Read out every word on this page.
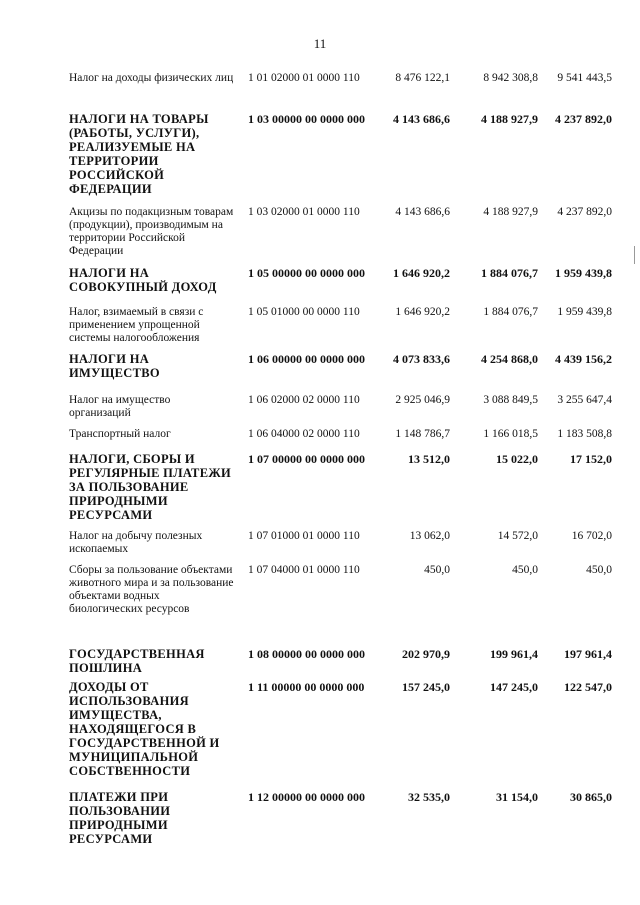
11
Налог на доходы физических лиц 1 01 02000 01 0000 110	8 476 122,1	8 942 308,8	9 541 443,5
НАЛОГИ НА ТОВАРЫ (РАБОТЫ, УСЛУГИ), РЕАЛИЗУЕМЫЕ НА ТЕРРИТОРИИ РОССИЙСКОЙ ФЕДЕРАЦИИ
1 03 00000 00 0000 000	4 143 686,6	4 188 927,9	4 237 892,0
Акцизы по подакцизным товарам (продукции), производимым на территории Российской Федерации
1 03 02000 01 0000 110	4 143 686,6	4 188 927,9	4 237 892,0
НАЛОГИ НА СОВОКУПНЫЙ ДОХОД
1 05 00000 00 0000 000	1 646 920,2	1 884 076,7	1 959 439,8
Налог, взимаемый в связи с применением упрощенной системы налогообложения
1 05 01000 00 0000 110	1 646 920,2	1 884 076,7	1 959 439,8
НАЛОГИ НА ИМУЩЕСТВО
1 06 00000 00 0000 000	4 073 833,6	4 254 868,0	4 439 156,2
Налог на имущество организаций
1 06 02000 02 0000 110	2 925 046,9	3 088 849,5	3 255 647,4
Транспортный налог	1 06 04000 02 0000 110	1 148 786,7	1 166 018,5	1 183 508,8
НАЛОГИ, СБОРЫ И РЕГУЛЯРНЫЕ ПЛАТЕЖИ ЗА ПОЛЬЗОВАНИЕ ПРИРОДНЫМИ РЕСУРСАМИ
1 07 00000 00 0000 000	13 512,0	15 022,0	17 152,0
Налог на добычу полезных ископаемых
1 07 01000 01 0000 110	13 062,0	14 572,0	16 702,0
Сборы за пользование объектами животного мира и за пользование объектами водных биологических ресурсов
1 07 04000 01 0000 110	450,0	450,0	450,0
ГОСУДАРСТВЕННАЯ ПОШЛИНА
1 08 00000 00 0000 000	202 970,9	199 961,4	197 961,4
ДОХОДЫ ОТ ИСПОЛЬЗОВАНИЯ ИМУЩЕСТВА, НАХОДЯЩЕГОСЯ В ГОСУДАРСТВЕННОЙ И МУНИЦИПАЛЬНОЙ СОБСТВЕННОСТИ
1 11 00000 00 0000 000	157 245,0	147 245,0	122 547,0
ПЛАТЕЖИ ПРИ ПОЛЬЗОВАНИИ ПРИРОДНЫМИ РЕСУРСАМИ
1 12 00000 00 0000 000	32 535,0	31 154,0	30 865,0
